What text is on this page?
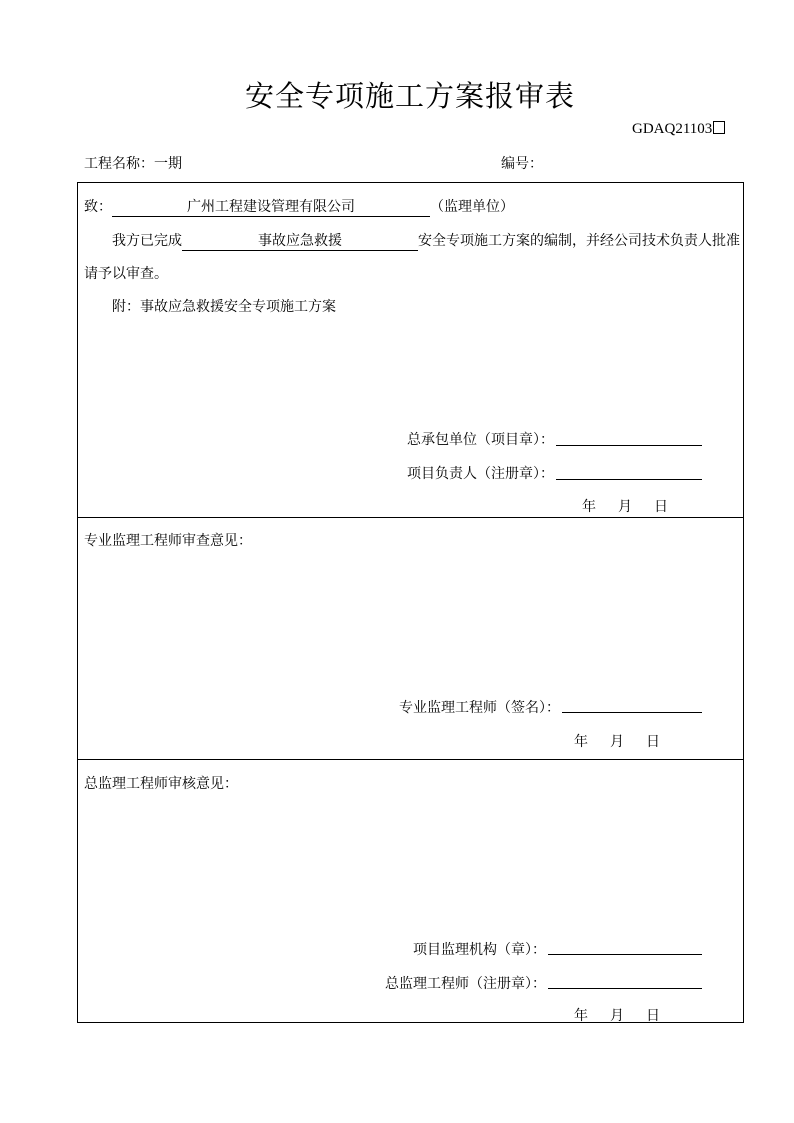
安全专项施工方案报审表
GDAQ21103
工程名称：一期	编号：
致：	广州工程建设管理有限公司	（监理单位）
我方已完成	事故应急救援	安全专项施工方案的编制，并经公司技术负责人批准
请予以审查。
附：事故应急救援安全专项施工方案
总承包单位（项目章）：
项目负责人（注册章）：
年 月 日
专业监理工程师审查意见：
专业监理工程师（签名）：
年 月 日
总监理工程师审核意见：
项目监理机构（章）：
总监理工程师（注册章）：
年 月 日
